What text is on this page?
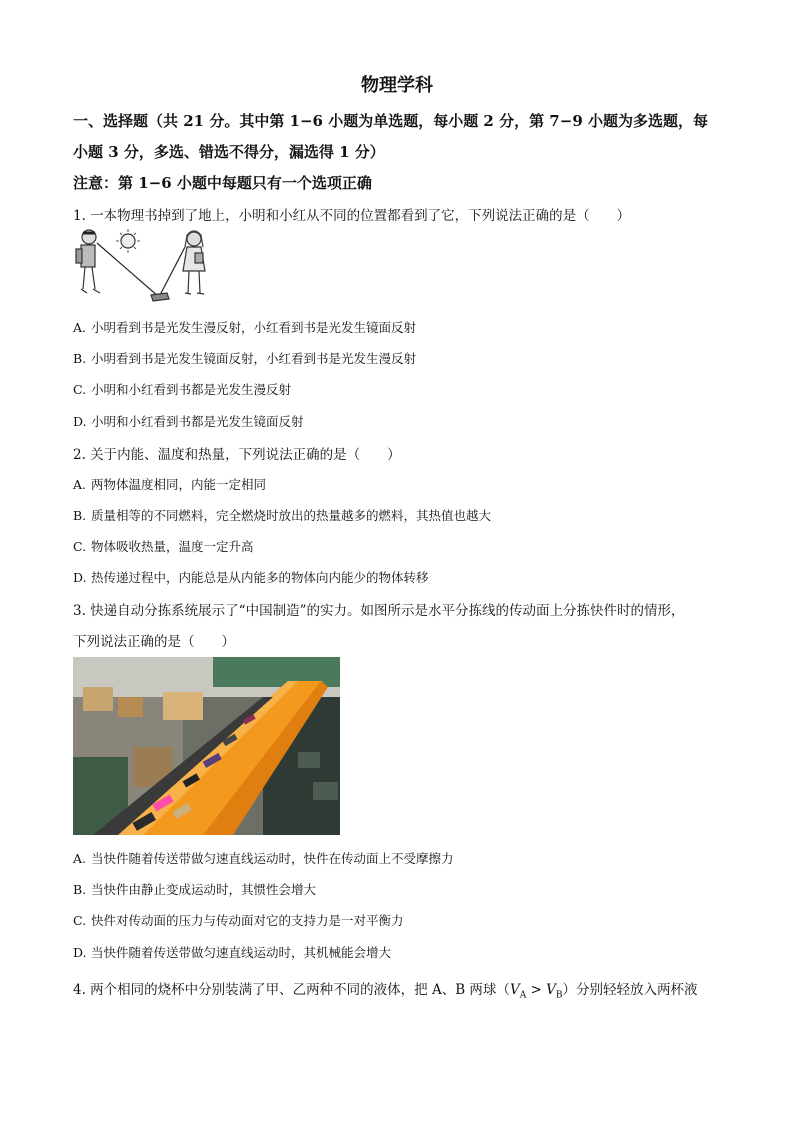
物理学科
一、选择题（共 21 分。其中第 1−6 小题为单选题，每小题 2 分，第 7−9 小题为多选题，每
小题 3 分，多选、错选不得分，漏选得 1 分）
注意：第 1−6 小题中每题只有一个选项正确
1. 一本物理书掉到了地上，小明和小红从不同的位置都看到了它，下列说法正确的是（　　）
A. 小明看到书是光发生漫反射，小红看到书是光发生镜面反射
B. 小明看到书是光发生镜面反射，小红看到书是光发生漫反射
C. 小明和小红看到书都是光发生漫反射
D. 小明和小红看到书都是光发生镜面反射
2. 关于内能、温度和热量，下列说法正确的是（　　）
A. 两物体温度相同，内能一定相同
B. 质量相等的不同燃料，完全燃烧时放出的热量越多的燃料，其热值也越大
C. 物体吸收热量，温度一定升高
D. 热传递过程中，内能总是从内能多的物体向内能少的物体转移
3. 快递自动分拣系统展示了“中国制造”的实力。如图所示是水平分拣线的传动面上分拣快件时的情形，
下列说法正确的是（　　）
A. 当快件随着传送带做匀速直线运动时，快件在传动面上不受摩擦力
B. 当快件由静止变成运动时，其惯性会增大
C. 快件对传动面的压力与传动面对它的支持力是一对平衡力
D. 当快件随着传送带做匀速直线运动时，其机械能会增大
4. 两个相同的烧杯中分别装满了甲、乙两种不同的液体，把 A、B 两球$(V_A > V_B)$分别轻轻放入两杯液
